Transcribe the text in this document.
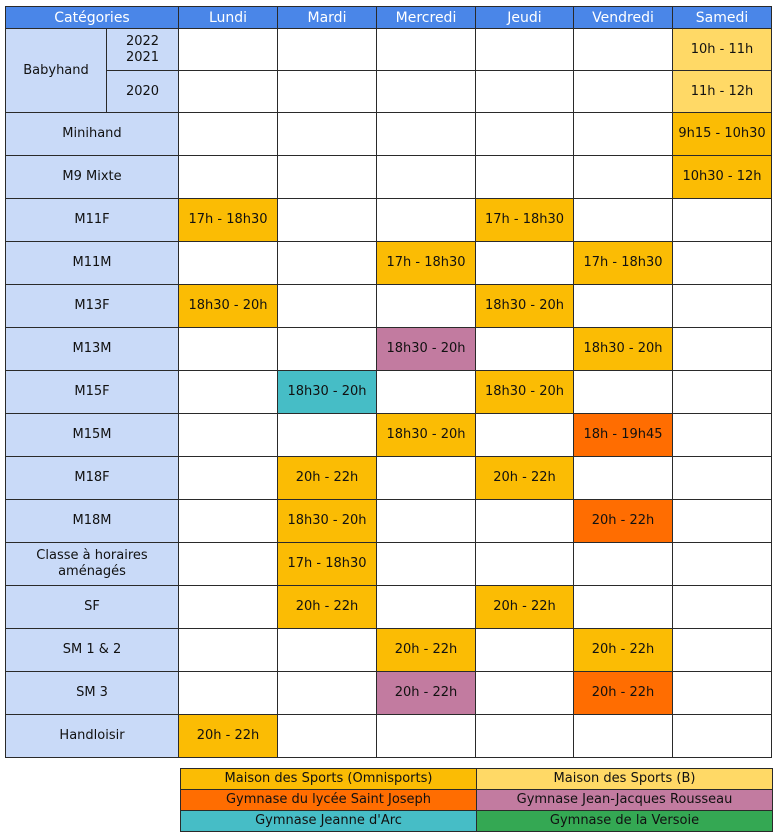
Catégories		Lundi	Mardi	Mercredi	Jeudi	Vendredi	Samedi
Babyhand	2022
2021						10h - 11h
	2020						11h - 12h
Minihand							9h15 - 10h30
M9 Mixte							10h30 - 12h
M11F		17h - 18h30			17h - 18h30		
M11M				17h - 18h30		17h - 18h30	
M13F		18h30 - 20h			18h30 - 20h		
M13M				18h30 - 20h		18h30 - 20h	
M15F			18h30 - 20h		18h30 - 20h		
M15M				18h30 - 20h		18h - 19h45	
M18F			20h - 22h		20h - 22h		
M18M			18h30 - 20h			20h - 22h	
Classe à horaires
aménagés			17h - 18h30				
SF			20h - 22h		20h - 22h		
SM 1 & 2				20h - 22h		20h - 22h	
SM 3				20h - 22h		20h - 22h	
Handloisir		20h - 22h					
Maison des Sports (Omnisports)	Maison des Sports (B)
Gymnase du lycée Saint Joseph	Gymnase Jean-Jacques Rousseau
Gymnase Jeanne d'Arc	Gymnase de la Versoie
